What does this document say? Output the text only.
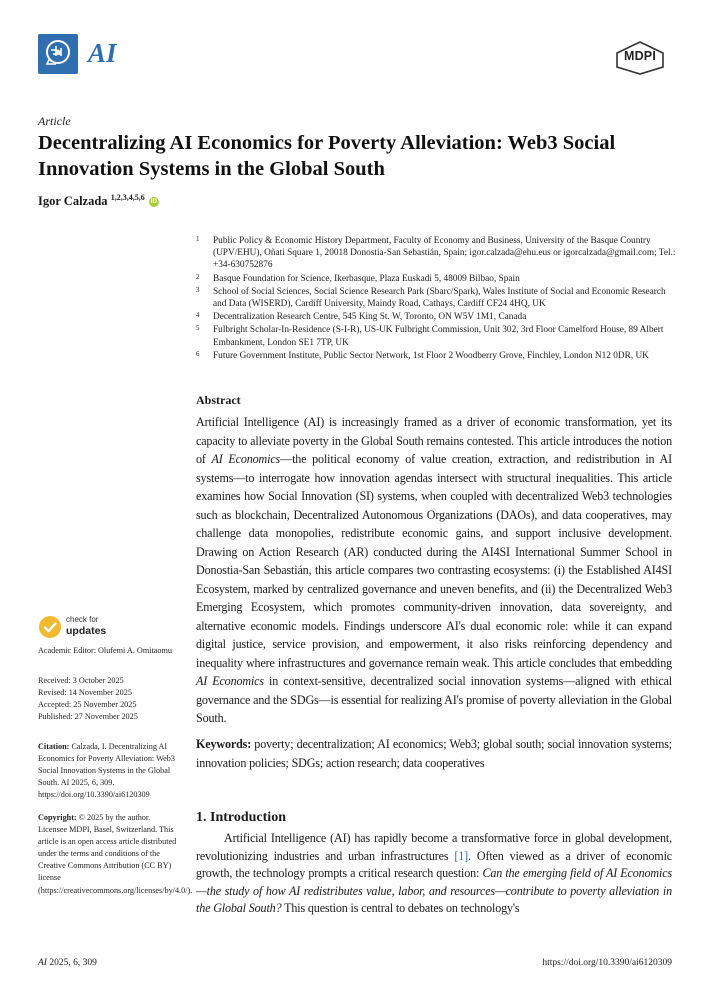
AI	MDPI
Article
Decentralizing AI Economics for Poverty Alleviation: Web3 Social Innovation Systems in the Global South
Igor Calzada $^{1,2,3,4,5,6}$ iD
1 Public Policy & Economic History Department, Faculty of Economy and Business, University of the Basque Country (UPV/EHU), Oñati Square 1, 20018 Donostia-San Sebastián, Spain; igor.calzada@ehu.eus or igorcalzada@gmail.com; Tel.: +34-630752876
2 Basque Foundation for Science, Ikerbasque, Plaza Euskadi 5, 48009 Bilbao, Spain
3 School of Social Sciences, Social Science Research Park (Sbarc/Spark), Wales Institute of Social and Economic Research and Data (WISERD), Cardiff University, Maindy Road, Cathays, Cardiff CF24 4HQ, UK
4 Decentralization Research Centre, 545 King St. W, Toronto, ON W5V 1M1, Canada
5 Fulbright Scholar-In-Residence (S-I-R), US-UK Fulbright Commission, Unit 302, 3rd Floor Camelford House, 89 Albert Embankment, London SE1 7TP, UK
6 Future Government Institute, Public Sector Network, 1st Floor 2 Woodberry Grove, Finchley, London N12 0DR, UK
Abstract

Artificial Intelligence (AI) is increasingly framed as a driver of economic transformation, yet its capacity to alleviate poverty in the Global South remains contested. This article introduces the notion of AI Economics—the political economy of value creation, extraction, and redistribution in AI systems—to interrogate how innovation agendas intersect with structural inequalities. This article examines how Social Innovation (SI) systems, when coupled with decentralized Web3 technologies such as blockchain, Decentralized Autonomous Organizations (DAOs), and data cooperatives, may challenge data monopolies, redistribute economic gains, and support inclusive development. Drawing on Action Research (AR) conducted during the AI4SI International Summer School in Donostia-San Sebastián, this article compares two contrasting ecosystems: (i) the Established AI4SI Ecosystem, marked by centralized governance and uneven benefits, and (ii) the Decentralized Web3 Emerging Ecosystem, which promotes community-driven innovation, data sovereignty, and alternative economic models. Findings underscore AI's dual economic role: while it can expand digital justice, service provision, and empowerment, it also risks reinforcing dependency and inequality where infrastructures and governance remain weak. This article concludes that embedding AI Economics in context-sensitive, decentralized social innovation systems—aligned with ethical governance and the SDGs—is essential for realizing AI's promise of poverty alleviation in the Global South.

Keywords: poverty; decentralization; AI economics; Web3; global south; social innovation systems; innovation policies; SDGs; action research; data cooperatives

check for
updates
Academic Editor: Olufemi A. Omitaomu
Received: 3 October 2025
Revised: 14 November 2025
Accepted: 25 November 2025
Published: 27 November 2025
Citation: Calzada, I. Decentralizing AI Economics for Poverty Alleviation: Web3 Social Innovation Systems in the Global South. AI 2025, 6, 309. https://doi.org/10.3390/ai6120309
Copyright: © 2025 by the author. Licensee MDPI, Basel, Switzerland. This article is an open access article distributed under the terms and conditions of the Creative Commons Attribution (CC BY) license (https://creativecommons.org/licenses/by/4.0/).
1. Introduction

Artificial Intelligence (AI) has rapidly become a transformative force in global development, revolutionizing industries and urban infrastructures [1]. Often viewed as a driver of economic growth, the technology prompts a critical research question: Can the emerging field of AI Economics—the study of how AI redistributes value, labor, and resources—contribute to poverty alleviation in the Global South? This question is central to debates on technology's

AI 2025, 6, 309	https://doi.org/10.3390/ai6120309
